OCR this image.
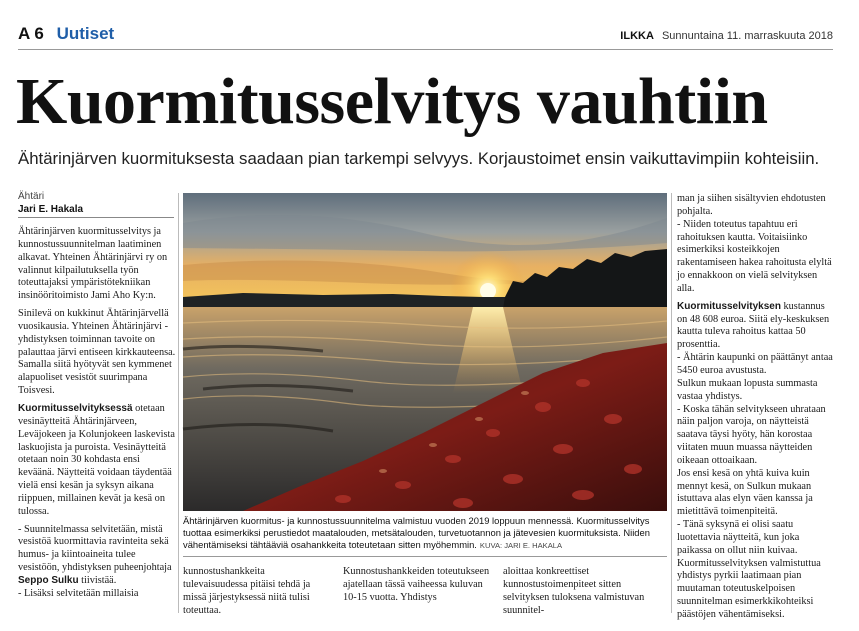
A 6 Uutiset	ILKKA Sunnuntaina 11. marraskuuta 2018
Kuormitusselvitys vauhtiin
Ähtärinjärven kuormituksesta saadaan pian tarkempi selvyys. Korjaustoimet ensin vaikuttavimpiin kohteisiin.
Ähtäri
Jari E. Hakala

Ähtärinjärven kuormitusselvitys ja kunnostussuunnitelman laatiminen alkavat. Yhteinen Ähtärinjärvi ry on valinnut kilpailutuksella työn toteuttajaksi ympäristötekniikan insinööritoimisto Jami Aho Ky:n.

Sinilevä on kukkinut Ähtärinjärvellä vuosikausia. Yhteinen Ähtärinjärvi -yhdistyksen toiminnan tavoite on palauttaa järvi entiseen kirkkauteensa. Samalla siitä hyötyvät sen kymmenet alapuoliset vesistöt suurimpana Toisvesi.

Kuormitusselvityksessä otetaan vesinäytteitä Ähtärinjärveen, Leväjokeen ja Kolunjokeen laskevista laskuojista ja puroista. Vesinäytteitä otetaan noin 30 kohdasta ensi keväänä. Näytteitä voidaan täydentää vielä ensi kesän ja syksyn aikana riippuen, millainen kevät ja kesä on tulossa.

- Suunnitelmassa selvitetään, mistä vesistöä kuormittavia ravinteita sekä humus- ja kiintoaineita tulee vesistöön, yhdistyksen puheenjohtaja Seppo Sulku tiivistää.

- Lisäksi selvitetään millaisia

Ähtärinjärven kuormitus- ja kunnostussuunnitelma valmistuu vuoden 2019 loppuun mennessä. Kuormitusselvitys tuottaa esimerkiksi perustiedot maatalouden, metsätalouden, turvetuotannon ja jätevesien kuormituksista. Niiden vähentämiseksi tähtääviä osahankkeita toteutetaan sitten myöhemmin. KUVA: JARI E. HAKALA

kunnostushankkeita tulevaisuudessa pitäisi tehdä ja missä järjestyksessä niitä tulisi toteuttaa.

Kunnostushankkeiden toteutukseen ajatellaan tässä vaiheessa kuluvan 10-15 vuotta. Yhdistys

aloittaa konkreettiset kunnostustoimenpiteet sitten selvityksen tuloksena valmistuvan suunnitel-

man ja siihen sisältyvien ehdotusten pohjalta.

- Niiden toteutus tapahtuu eri rahoituksen kautta. Voitaisiinko esimerkiksi kosteikkojen rakentamiseen hakea rahoitusta elyltä jo ennakkoon on vielä selvityksen alla.

Kuormitusselvityksen kustannus on 48 608 euroa. Siitä ely-keskuksen kautta tuleva rahoitus kattaa 50 prosenttia.

- Ähtärin kaupunki on päättänyt antaa 5450 euroa avustusta.

Sulkun mukaan lopusta summasta vastaa yhdistys.

- Koska tähän selvitykseen uhrataan näin paljon varoja, on näytteistä saatava täysi hyöty, hän korostaa viitaten muun muassa näytteiden oikeaan ottoaikaan.

Jos ensi kesä on yhtä kuiva kuin mennyt kesä, on Sulkun mukaan istuttava alas elyn väen kanssa ja mietittävä toimenpiteitä.

- Tänä syksynä ei olisi saatu luotettavia näytteitä, kun joka paikassa on ollut niin kuivaa.

Kuormitusselvityksen valmistuttua yhdistys pyrkii laatimaan pian muutaman toteutuskelpoisen suunnitelman esimerkkikohteiksi päästöjen vähentämiseksi.
